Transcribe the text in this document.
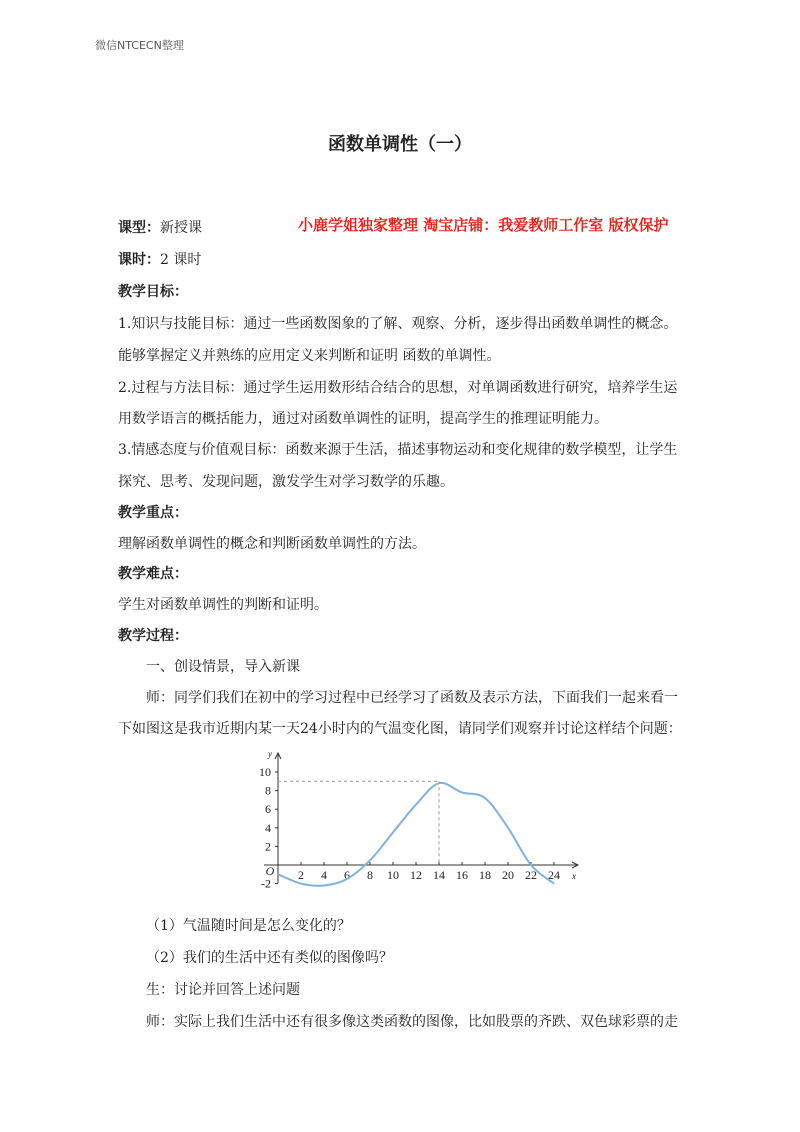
微信NTCECN整理
函数单调性（一）
课型：新授课	小鹿学姐独家整理 淘宝店铺：我爱教师工作室 版权保护
课时：2 课时
教学目标：
1.知识与技能目标：通过一些函数图象的了解、观察、分析，逐步得出函数单调性的概念。
能够掌握定义并熟练的应用定义来判断和证明 函数的单调性。
2.过程与方法目标：通过学生运用数形结合结合的思想，对单调函数进行研究，培养学生运
用数学语言的概括能力，通过对函数单调性的证明，提高学生的推理证明能力。
3.情感态度与价值观目标：函数来源于生活，描述事物运动和变化规律的数学模型，让学生
探究、思考、发现问题，激发学生对学习数学的乐趣。
教学重点：
理解函数单调性的概念和判断函数单调性的方法。
教学难点：
学生对函数单调性的判断和证明。
教学过程：
一、创设情景，导入新课
师：同学们我们在初中的学习过程中已经学习了函数及表示方法，下面我们一起来看一
下如图这是我市近期内某一天24小时内的气温变化图，请同学们观察并讨论这样结个问题：
10
8
6
4
2
-2
2 4 6 8 10 12 14 16 18 20 22 24
O	x
y
（1）气温随时间是怎么变化的？
（2）我们的生活中还有类似的图像吗？
生：讨论并回答上述问题
师：实际上我们生活中还有很多像这类函数的图像，比如股票的齐跌、双色球彩票的走
